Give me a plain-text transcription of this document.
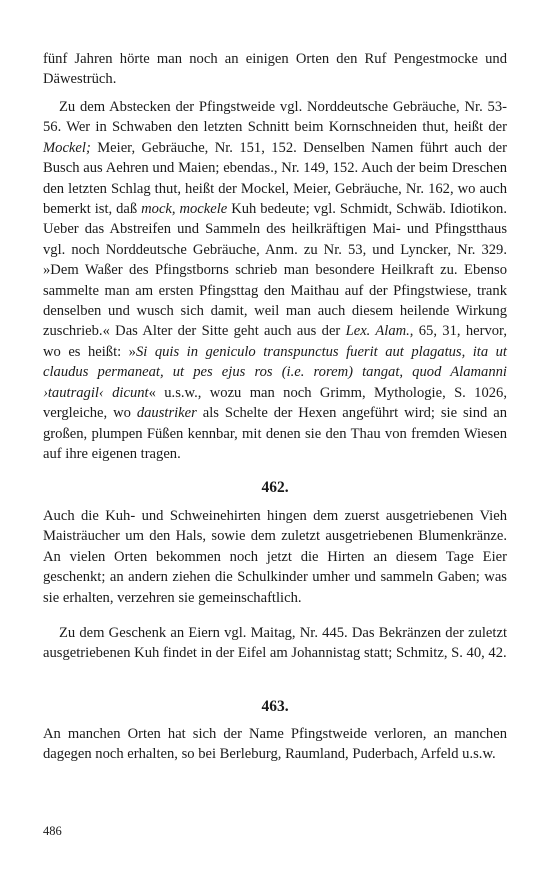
fünf Jahren hörte man noch an einigen Orten den Ruf Pengestmocke und Däwestrüch.

Zu dem Abstecken der Pfingstweide vgl. Norddeutsche Gebräuche, Nr. 53-56. Wer in Schwaben den letzten Schnitt beim Kornschneiden thut, heißt der Mockel; Meier, Gebräuche, Nr. 151, 152. Denselben Namen führt auch der Busch aus Aehren und Maien; ebendas., Nr. 149, 152. Auch der beim Dreschen den letzten Schlag thut, heißt der Mockel, Meier, Gebräuche, Nr. 162, wo auch bemerkt ist, daß mock, mockele Kuh bedeute; vgl. Schmidt, Schwäb. Idiotikon. Ueber das Abstreifen und Sammeln des heilkräftigen Mai- und Pfingstthaus vgl. noch Norddeutsche Gebräuche, Anm. zu Nr. 53, und Lyncker, Nr. 329. »Dem Waßer des Pfingstborns schrieb man besondere Heilkraft zu. Ebenso sammelte man am ersten Pfingsttag den Maithau auf der Pfingstwiese, trank denselben und wusch sich damit, weil man auch diesem heilende Wirkung zuschrieb.« Das Alter der Sitte geht auch aus der Lex. Alam., 65, 31, hervor, wo es heißt: »Si quis in geniculo transpunctus fuerit aut plagatus, ita ut claudus permaneat, ut pes ejus ros (i.e. rorem) tangat, quod Alamanni ›tautragil‹ dicunt« u.s.w., wozu man noch Grimm, Mythologie, S. 1026, vergleiche, wo daustriker als Schelte der Hexen angeführt wird; sie sind an großen, plumpen Füßen kennbar, mit denen sie den Thau von fremden Wiesen auf ihre eigenen tragen.

462.

Auch die Kuh- und Schweinehirten hingen dem zuerst ausgetriebenen Vieh Maisträucher um den Hals, sowie dem zuletzt ausgetriebenen Blumenkränze. An vielen Orten bekommen noch jetzt die Hirten an diesem Tage Eier geschenkt; an andern ziehen die Schulkinder umher und sammeln Gaben; was sie erhalten, verzehren sie gemeinschaftlich.

Zu dem Geschenk an Eiern vgl. Maitag, Nr. 445. Das Bekränzen der zuletzt ausgetriebenen Kuh findet in der Eifel am Johannistag statt; Schmitz, S. 40, 42.

463.

An manchen Orten hat sich der Name Pfingstweide verloren, an manchen dagegen noch erhalten, so bei Berleburg, Raumland, Puderbach, Arfeld u.s.w.

486
